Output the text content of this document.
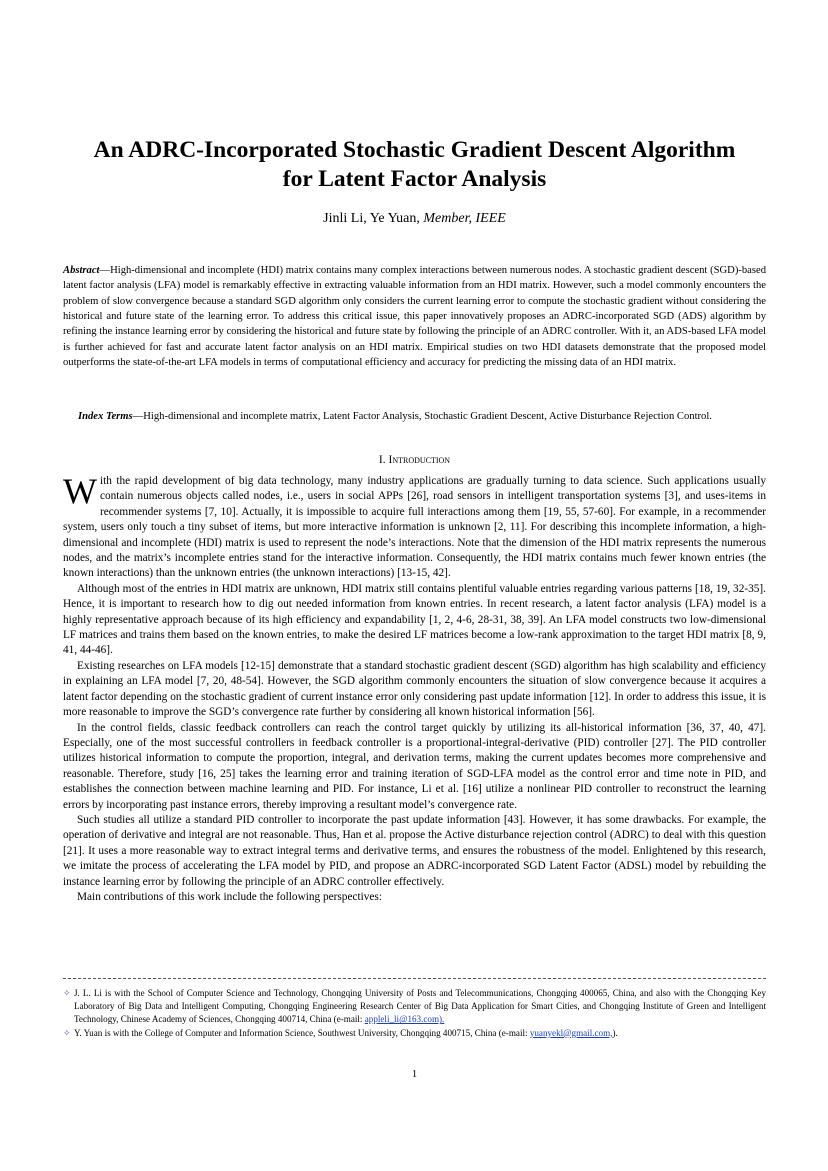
An ADRC-Incorporated Stochastic Gradient Descent Algorithm
for Latent Factor Analysis
Jinli Li, Ye Yuan, Member, IEEE
Abstract—High-dimensional and incomplete (HDI) matrix contains many complex interactions between numerous nodes. A stochastic gradient descent (SGD)-based latent factor analysis (LFA) model is remarkably effective in extracting valuable information from an HDI matrix. However, such a model commonly encounters the problem of slow convergence because a standard SGD algorithm only considers the current learning error to compute the stochastic gradient without considering the historical and future state of the learning error. To address this critical issue, this paper innovatively proposes an ADRC-incorporated SGD (ADS) algorithm by refining the instance learning error by considering the historical and future state by following the principle of an ADRC controller. With it, an ADS-based LFA model is further achieved for fast and accurate latent factor analysis on an HDI matrix. Empirical studies on two HDI datasets demonstrate that the proposed model outperforms the state-of-the-art LFA models in terms of computational efficiency and accuracy for predicting the missing data of an HDI matrix.
Index Terms—High-dimensional and incomplete matrix, Latent Factor Analysis, Stochastic Gradient Descent, Active Disturbance Rejection Control.
I. Introduction

With the rapid development of big data technology, many industry applications are gradually turning to data science. Such applications usually contain numerous objects called nodes, i.e., users in social APPs [26], road sensors in intelligent transportation systems [3], and uses-items in recommender systems [7, 10]. Actually, it is impossible to acquire full interactions among them [19, 55, 57-60]. For example, in a recommender system, users only touch a tiny subset of items, but more interactive information is unknown [2, 11]. For describing this incomplete information, a high-dimensional and incomplete (HDI) matrix is used to represent the node’s interactions. Note that the dimension of the HDI matrix represents the numerous nodes, and the matrix’s incomplete entries stand for the interactive information. Consequently, the HDI matrix contains much fewer known entries (the known interactions) than the unknown entries (the unknown interactions) [13-15, 42].

Although most of the entries in HDI matrix are unknown, HDI matrix still contains plentiful valuable entries regarding various patterns [18, 19, 32-35]. Hence, it is important to research how to dig out needed information from known entries. In recent research, a latent factor analysis (LFA) model is a highly representative approach because of its high efficiency and expandability [1, 2, 4-6, 28-31, 38, 39]. An LFA model constructs two low-dimensional LF matrices and trains them based on the known entries, to make the desired LF matrices become a low-rank approximation to the target HDI matrix [8, 9, 41, 44-46].

Existing researches on LFA models [12-15] demonstrate that a standard stochastic gradient descent (SGD) algorithm has high scalability and efficiency in explaining an LFA model [7, 20, 48-54]. However, the SGD algorithm commonly encounters the situation of slow convergence because it acquires a latent factor depending on the stochastic gradient of current instance error only considering past update information [12]. In order to address this issue, it is more reasonable to improve the SGD’s convergence rate further by considering all known historical information [56].

In the control fields, classic feedback controllers can reach the control target quickly by utilizing its all-historical information [36, 37, 40, 47]. Especially, one of the most successful controllers in feedback controller is a proportional-integral-derivative (PID) controller [27]. The PID controller utilizes historical information to compute the proportion, integral, and derivation terms, making the current updates becomes more comprehensive and reasonable. Therefore, study [16, 25] takes the learning error and training iteration of SGD-LFA model as the control error and time note in PID, and establishes the connection between machine learning and PID. For instance, Li et al. [16] utilize a nonlinear PID controller to reconstruct the learning errors by incorporating past instance errors, thereby improving a resultant model’s convergence rate.

Such studies all utilize a standard PID controller to incorporate the past update information [43]. However, it has some drawbacks. For example, the operation of derivative and integral are not reasonable. Thus, Han et al. propose the Active disturbance rejection control (ADRC) to deal with this question [21]. It uses a more reasonable way to extract integral terms and derivative terms, and ensures the robustness of the model. Enlightened by this research, we imitate the process of accelerating the LFA model by PID, and propose an ADRC-incorporated SGD Latent Factor (ADSL) model by rebuilding the instance learning error by following the principle of an ADRC controller effectively.

Main contributions of this work include the following perspectives:

✧ J. L. Li is with the School of Computer Science and Technology, Chongqing University of Posts and Telecommunications, Chongqing 400065, China, and also with the Chongqing Key Laboratory of Big Data and Intelligent Computing, Chongqing Engineering Research Center of Big Data Application for Smart Cities, and Chongqing Institute of Green and Intelligent Technology, Chinese Academy of Sciences, Chongqing 400714, China (e-mail: appleli_li@163.com).

✧ Y. Yuan is with the College of Computer and Information Science, Southwest University, Chongqing 400715, China (e-mail: yuanyekl@gmail.com,).

1
